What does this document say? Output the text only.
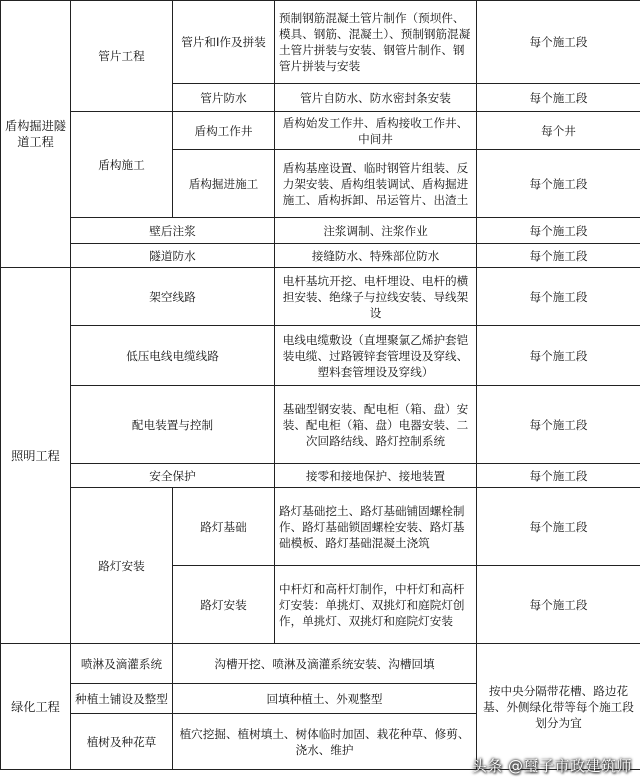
盾构掘进隧道工程	管片工程	管片和I作及拼装	预制钢筋混凝土管片制作（预坝件、模具、钢筋、混凝土）、预制钢筋混凝土管片拼装与安装、钢管片制作、钢管片拼装与安装	每个施工段
		管片防水	管片自防水、防水密封条安装	每个施工段
	盾构施工	盾构工作井	盾构始发工作井、盾构接收工作井、中间井	每个井
		盾构掘进施工	盾构基座设置、临时钢管片组装、反力架安装、盾构组装调试、盾构掘进施工、盾构拆卸、吊运管片、出渣土	每个施工段
	壁后注浆		注浆调制、注浆作业	每个施工段
	隧道防水		接缝防水、特殊部位防水	每个施工段

照明工程	架空线路		电杆基坑开挖、电杆埋设、电杆的横担安装、绝缘子与拉线安装、导线架设	每个施工段
	低压电线电缆线路		电线电缆敷设（直埋聚氯乙烯护套铠装电缆、过路镀锌套管埋设及穿线、塑料套管埋设及穿线）	每个施工段
	配电装置与控制		基础型钢安装、配电柜（箱、盘）安装、配电柜（箱、盘）电器安装、二次回路结线、路灯控制系统	每个施工段
	安全保护		接零和接地保护、接地装置	每个施工段
	路灯安装	路灯基础	路灯基础挖土、路灯基础铺固螺栓制作、路灯基础锁固螺栓安装、路灯基础模板、路灯基础混凝土浇筑	每个施工段
		路灯安装	中杆灯和高杆灯制作，中杆灯和高杆灯安装：单挑灯、双挑灯和庭院灯创作，单挑灯、双挑灯和庭院灯安装	每个施工段
绿化工程	喷淋及滴灌系统	沟槽开挖、喷淋及滴灌系统安装、沟槽回填		按中央分隔带花槽、路边花基、外侧绿化带等每个施工段划分为宜
	种植土铺设及整型	回填种植土、外观整型		
	植树及种花草	植穴挖掘、植树填土、树体临时加固、栽花种草、修剪、浇水、维护		
头条 @璽子市政建筑师
